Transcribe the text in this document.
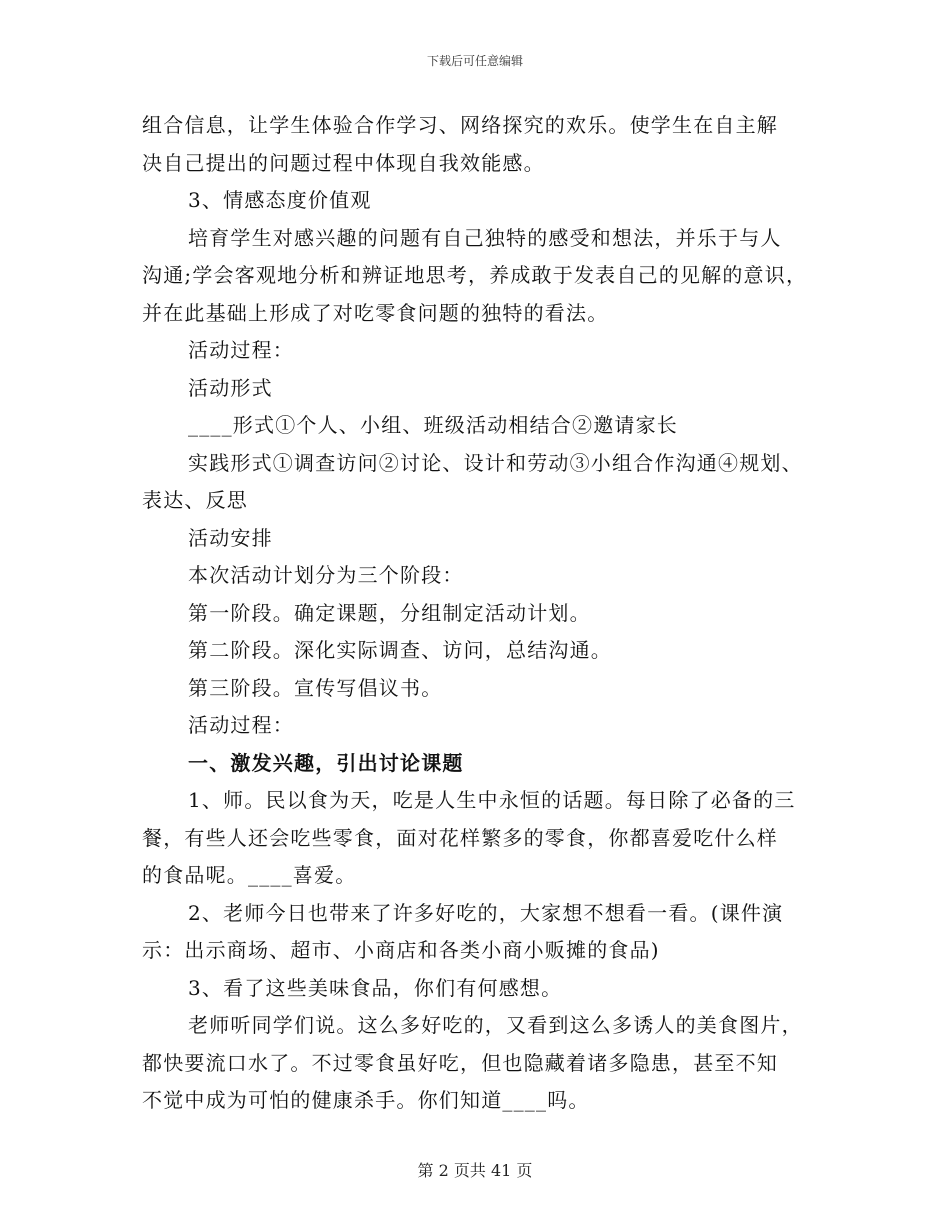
下载后可任意编辑

组合信息，让学生体验合作学习、网络探究的欢乐。使学生在自主解

决自己提出的问题过程中体现自我效能感。

3、情感态度价值观

培育学生对感兴趣的问题有自己独特的感受和想法，并乐于与人

沟通;学会客观地分析和辨证地思考，养成敢于发表自己的见解的意识，

并在此基础上形成了对吃零食问题的独特的看法。

活动过程：

活动形式

____形式①个人、小组、班级活动相结合②邀请家长

实践形式①调查访问②讨论、设计和劳动③小组合作沟通④规划、

表达、反思

活动安排

本次活动计划分为三个阶段：

第一阶段。确定课题，分组制定活动计划。

第二阶段。深化实际调查、访问，总结沟通。

第三阶段。宣传写倡议书。

活动过程：

一、激发兴趣，引出讨论课题

1、师。民以食为天，吃是人生中永恒的话题。每日除了必备的三

餐，有些人还会吃些零食，面对花样繁多的零食，你都喜爱吃什么样

的食品呢。____喜爱。

2、老师今日也带来了许多好吃的，大家想不想看一看。(课件演

示：出示商场、超市、小商店和各类小商小贩摊的食品)

3、看了这些美味食品，你们有何感想。

老师听同学们说。这么多好吃的，又看到这么多诱人的美食图片，

都快要流口水了。不过零食虽好吃，但也隐藏着诸多隐患，甚至不知

不觉中成为可怕的健康杀手。你们知道____吗。

第 2 页共 41 页
